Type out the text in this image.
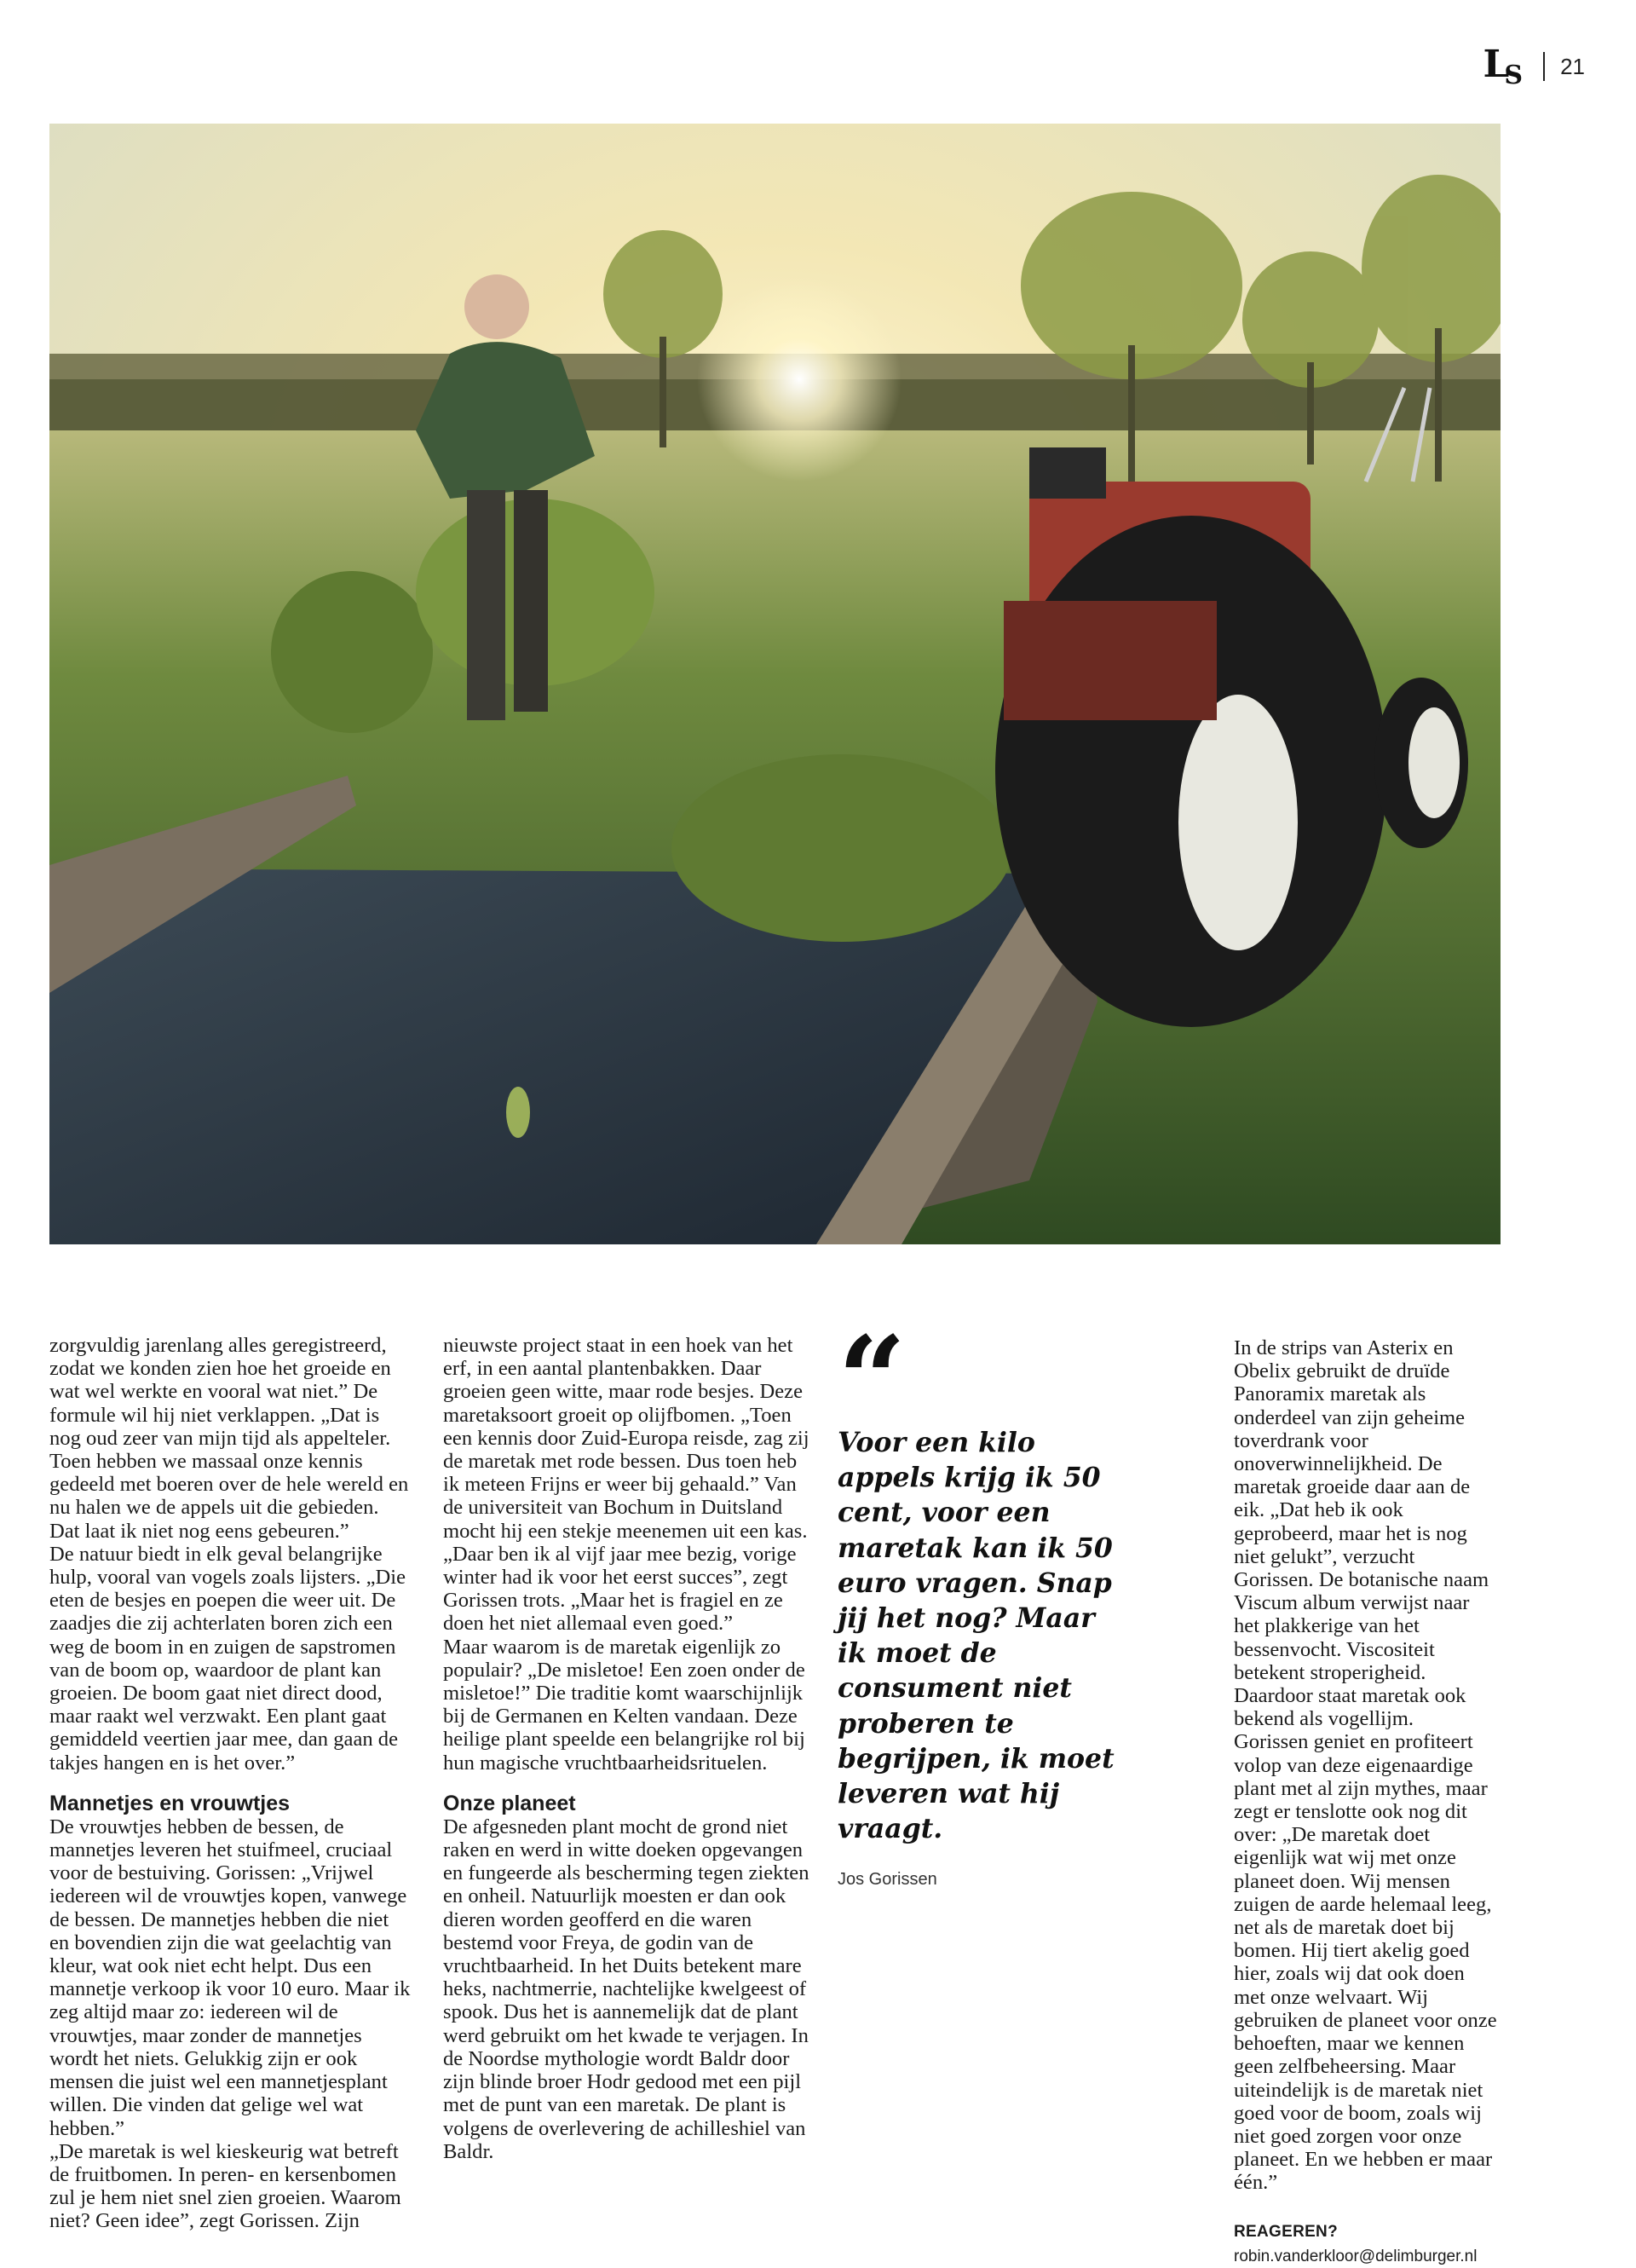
LS 21

zorgvuldig jarenlang alles geregistreerd, zodat we konden zien hoe het groeide en wat wel werkte en vooral wat niet.” De formule wil hij niet verklappen. „Dat is nog oud zeer van mijn tijd als appelteler. Toen hebben we massaal onze kennis gedeeld met boeren over de hele wereld en nu halen we de appels uit die gebieden. Dat laat ik niet nog eens gebeuren.”

De natuur biedt in elk geval belangrijke hulp, vooral van vogels zoals lijsters. „Die eten de besjes en poepen die weer uit. De zaadjes die zij achterlaten boren zich een weg de boom in en zuigen de sapstromen van de boom op, waardoor de plant kan groeien. De boom gaat niet direct dood, maar raakt wel verzwakt. Een plant gaat gemiddeld veertien jaar mee, dan gaan de takjes hangen en is het over.”

Mannetjes en vrouwtjes

De vrouwtjes hebben de bessen, de mannetjes leveren het stuifmeel, cruciaal voor de bestuiving. Gorissen: „Vrijwel iedereen wil de vrouwtjes kopen, vanwege de bessen. De mannetjes hebben die niet en bovendien zijn die wat geelachtig van kleur, wat ook niet echt helpt. Dus een mannetje verkoop ik voor 10 euro. Maar ik zeg altijd maar zo: iedereen wil de vrouwtjes, maar zonder de mannetjes wordt het niets. Gelukkig zijn er ook mensen die juist wel een mannetjesplant willen. Die vinden dat gelige wel wat hebben.”

„De maretak is wel kieskeurig wat betreft de fruitbomen. In peren- en kersenbomen zul je hem niet snel zien groeien. Waarom niet? Geen idee”, zegt Gorissen. Zijn

nieuwste project staat in een hoek van het erf, in een aantal plantenbakken. Daar groeien geen witte, maar rode besjes. Deze maretaksoort groeit op olijfbomen. „Toen een kennis door Zuid-Europa reisde, zag zij de maretak met rode bessen. Dus toen heb ik meteen Frijns er weer bij gehaald.” Van de universiteit van Bochum in Duitsland mocht hij een stekje meenemen uit een kas. „Daar ben ik al vijf jaar mee bezig, vorige winter had ik voor het eerst succes”, zegt Gorissen trots. „Maar het is fragiel en ze doen het niet allemaal even goed.”

Maar waarom is de maretak eigenlijk zo populair? „De misletoe! Een zoen onder de misletoe!” Die traditie komt waarschijnlijk bij de Germanen en Kelten vandaan. Deze heilige plant speelde een belangrijke rol bij hun magische vruchtbaarheidsrituelen.

Onze planeet

De afgesneden plant mocht de grond niet raken en werd in witte doeken opgevangen en fungeerde als bescherming tegen ziekten en onheil. Natuurlijk moesten er dan ook dieren worden geofferd en die waren bestemd voor Freya, de godin van de vruchtbaarheid. In het Duits betekent mare heks, nachtmerrie, nachtelijke kwelgeest of spook. Dus het is aannemelijk dat de plant werd gebruikt om het kwade te verjagen. In de Noordse mythologie wordt Baldr door zijn blinde broer Hodr gedood met een pijl met de punt van een maretak. De plant is volgens de overlevering de achilleshiel van Baldr.

“
Voor een kilo appels krijg ik 50 cent, voor een maretak kan ik 50 euro vragen. Snap jij het nog? Maar ik moet de consument niet proberen te begrijpen, ik moet leveren wat hij vraagt.
Jos Gorissen

In de strips van Asterix en Obelix gebruikt de druïde Panoramix maretak als onderdeel van zijn geheime toverdrank voor onoverwinnelijkheid. De maretak groeide daar aan de eik. „Dat heb ik ook geprobeerd, maar het is nog niet gelukt”, verzucht Gorissen. De botanische naam Viscum album verwijst naar het plakkerige van het bessenvocht. Viscositeit betekent stroperigheid. Daardoor staat maretak ook bekend als vogellijm.

Gorissen geniet en profiteert volop van deze eigenaardige plant met al zijn mythes, maar zegt er tenslotte ook nog dit over: „De maretak doet eigenlijk wat wij met onze planeet doen. Wij mensen zuigen de aarde helemaal leeg, net als de maretak doet bij bomen. Hij tiert akelig goed hier, zoals wij dat ook doen met onze welvaart. Wij gebruiken de planeet voor onze behoeften, maar we kennen geen zelfbeheersing. Maar uiteindelijk is de maretak niet goed voor de boom, zoals wij niet goed zorgen voor onze planeet. En we hebben er maar één.”

REAGEREN?
robin.vanderkloor@delimburger.nl
